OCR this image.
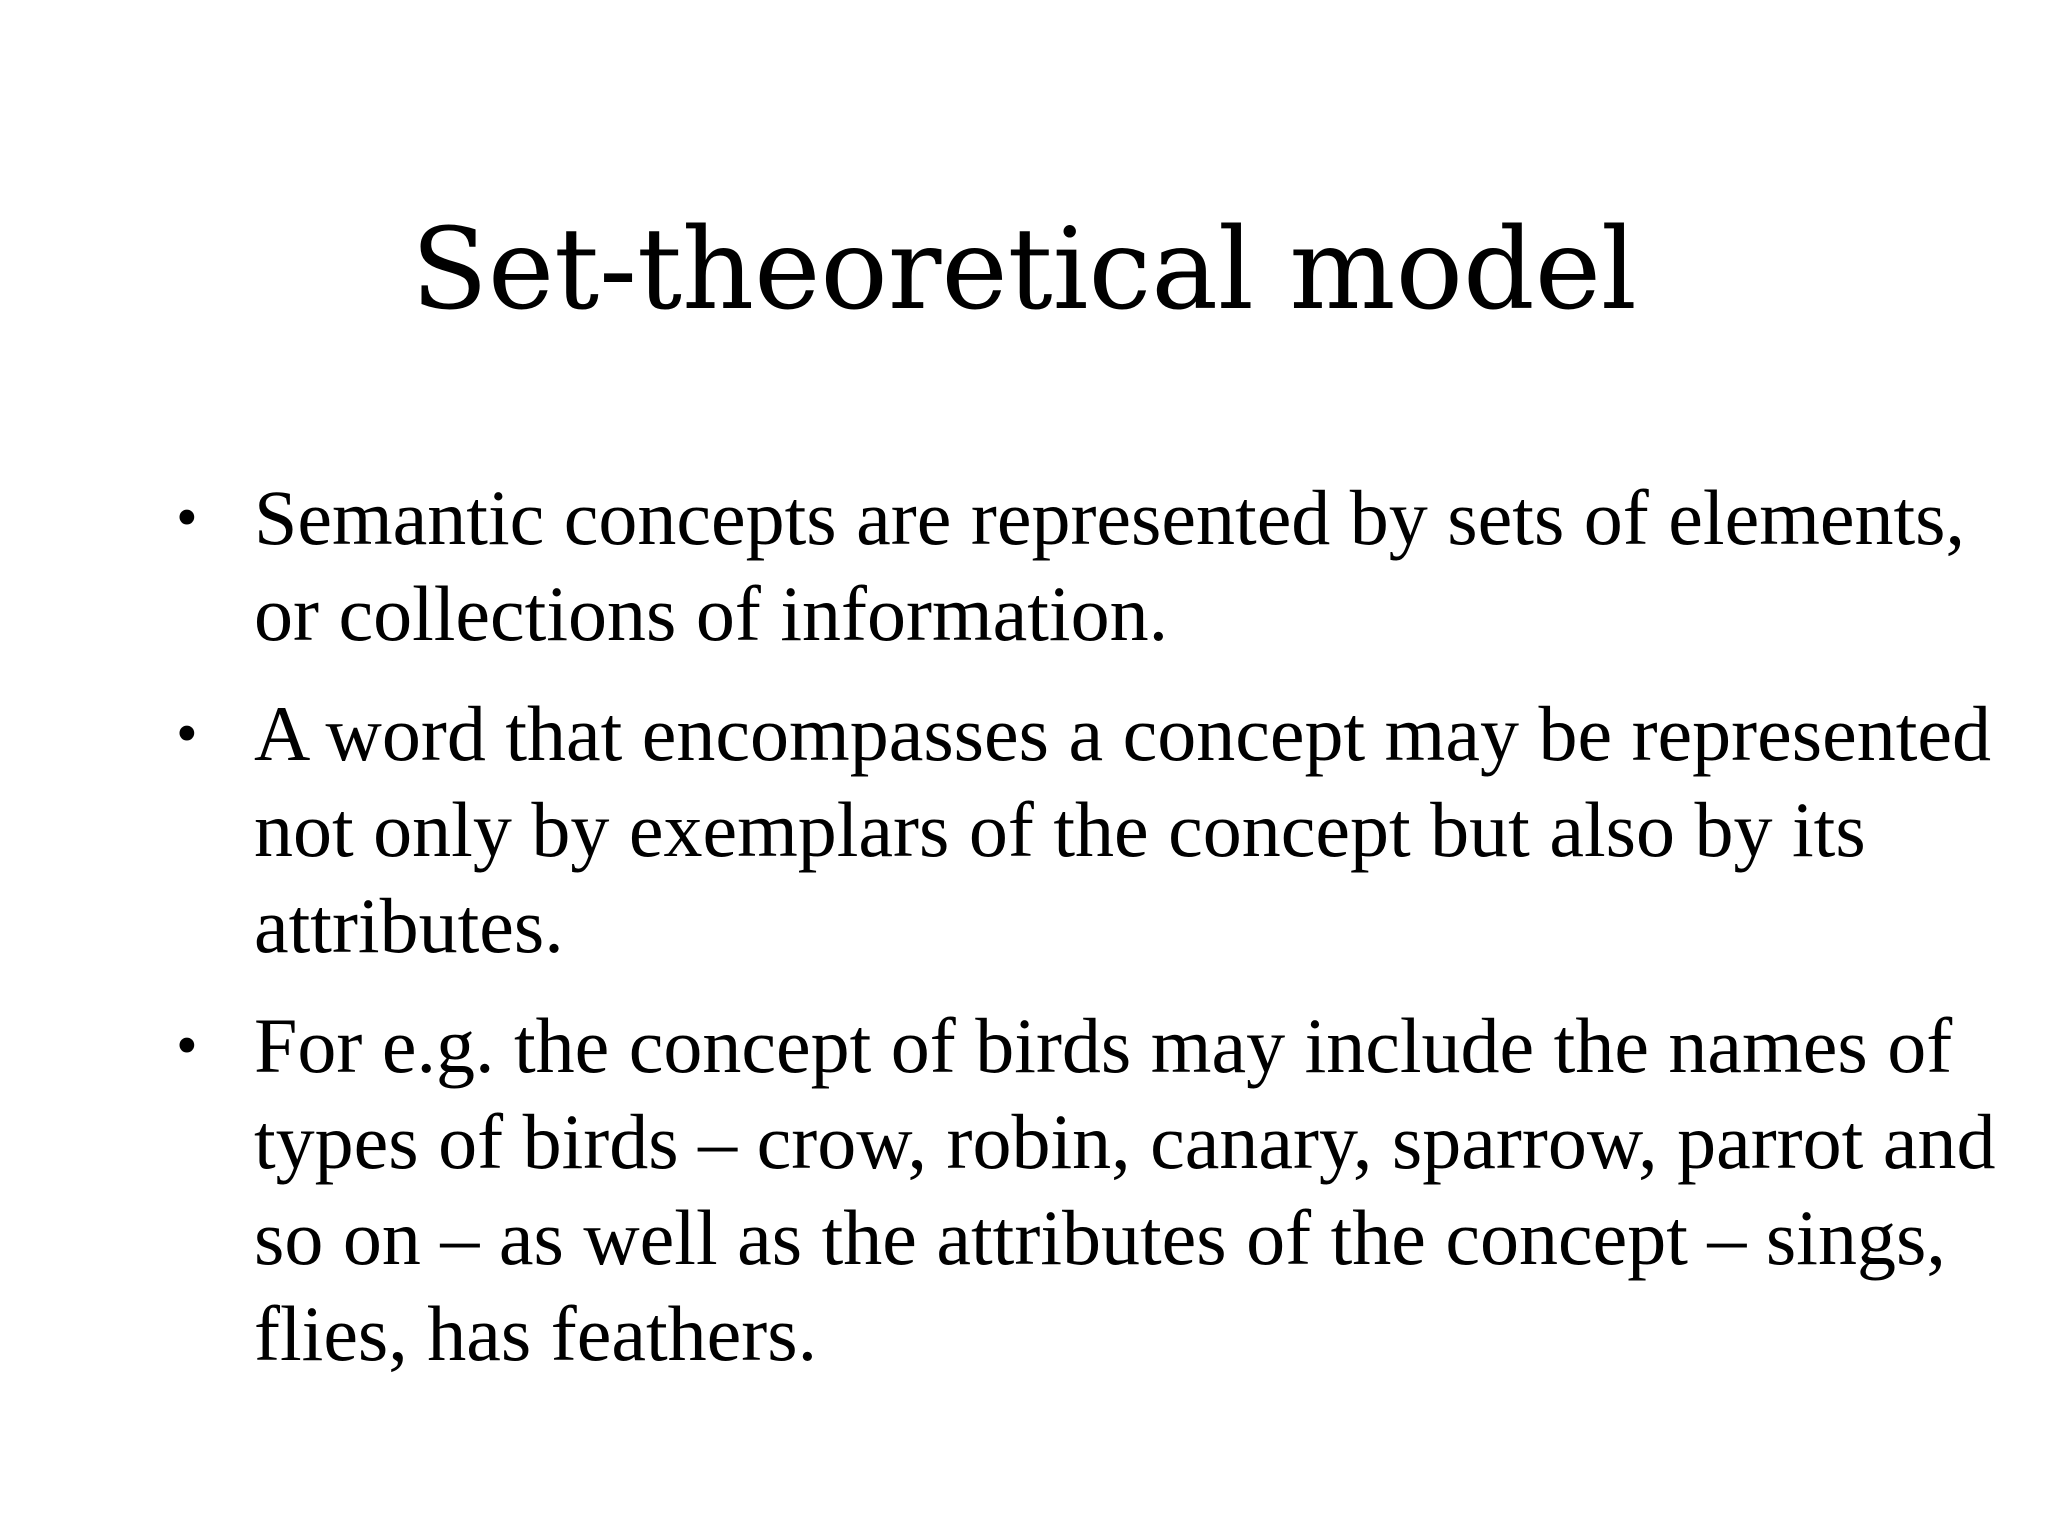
Set-theoretical model
• Semantic concepts are represented by sets of elements, or collections of information.
• A word that encompasses a concept may be represented not only by exemplars of the concept but also by its attributes.
• For e.g. the concept of birds may include the names of types of birds – crow, robin, canary, sparrow, parrot and so on – as well as the attributes of the concept – sings, flies, has feathers.
